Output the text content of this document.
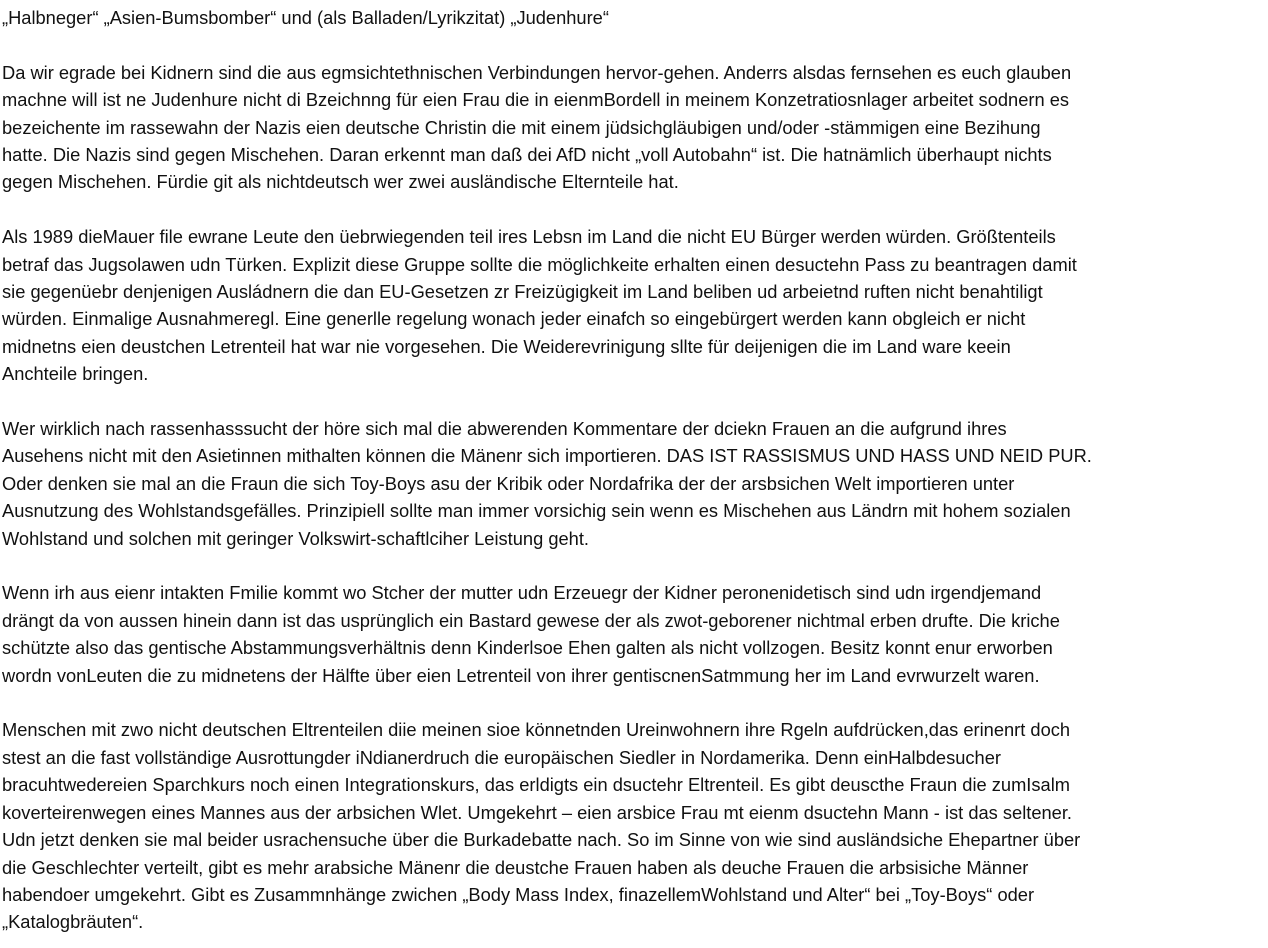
„Halbneger“ „Asien-Bumsbomber“ und (als Balladen/Lyrikzitat) „Judenhure“
Da wir egrade bei Kidnern sind die aus egmsichtethnischen Verbindungen hervor-gehen. Anderrs alsdas fernsehen es euch glauben
machne will ist ne Judenhure nicht di Bzeichnng für eien Frau die in eienmBordell in meinem Konzetratiosnlager arbeitet sodnern es
bezeichente im rassewahn der Nazis eien deutsche Christin die mit einem jüdsichgläubigen und/oder -stämmigen eine Bezihung
hatte. Die Nazis sind gegen Mischehen. Daran erkennt man daß dei AfD nicht „voll Autobahn“ ist. Die hatnämlich überhaupt nichts
gegen Mischehen. Fürdie git als nichtdeutsch wer zwei ausländische Elternteile hat.
Als 1989 dieMauer file ewrane Leute den üebrwiegenden teil ires Lebsn im Land die nicht EU Bürger werden würden. Größtenteils
betraf das Jugsolawen udn Türken. Explizit diese Gruppe sollte die möglichkeite erhalten einen desuctehn Pass zu beantragen damit
sie gegenüebr denjenigen Ausládnern die dan EU-Gesetzen zr Freizügigkeit im Land beliben ud arbeietnd ruften nicht benahtiligt
würden. Einmalige Ausnahmeregl. Eine generlle regelung wonach jeder einafch so eingebürgert werden kann obgleich er nicht
midnetns eien deustchen Letrenteil hat war nie vorgesehen. Die Weiderevrinigung sllte für deijenigen die im Land ware keein
Anchteile bringen.
Wer wirklich nach rassenhasssucht der höre sich mal die abwerenden Kommentare der dciekn Frauen an die aufgrund ihres
Ausehens nicht mit den Asietinnen mithalten können die Mänenr sich importieren. DAS IST RASSISMUS UND HASS UND NEID PUR.
Oder denken sie mal an die Fraun die sich Toy-Boys asu der Kribik oder Nordafrika der der arsbsichen Welt importieren unter
Ausnutzung des Wohlstandsgefälles. Prinzipiell sollte man immer vorsichig sein wenn es Mischehen aus Ländrn mit hohem sozialen
Wohlstand und solchen mit geringer Volkswirt-schaftlciher Leistung geht.
Wenn irh aus eienr intakten Fmilie kommt wo Stcher der mutter udn Erzeuegr der Kidner peronenidetisch sind udn irgendjemand
drängt da von aussen hinein dann ist das usprünglich ein Bastard gewese der als zwot-geborener nichtmal erben drufte. Die kriche
schützte also das gentische Abstammungsverhältnis denn Kinderlsoe Ehen galten als nicht vollzogen. Besitz konnt enur erworben
wordn vonLeuten die zu midnetens der Hälfte über eien Letrenteil von ihrer gentiscnenSatmmung her im Land evrwurzelt waren.
Menschen mit zwo nicht deutschen Eltrenteilen diie meinen sioe könnetnden Ureinwohnern ihre Rgeln aufdrücken,das erinenrt doch
stest an die fast vollständige Ausrottungder iNdianerdruch die europäischen Siedler in Nordamerika. Denn einHalbdesucher
bracuhtwedereien Sparchkurs noch einen Integrationskurs, das erldigts ein dsuctehr Eltrenteil. Es gibt deuscthe Fraun die zumIsalm
koverteirenwegen eines Mannes aus der arbsichen Wlet. Umgekehrt – eien arsbice Frau mt eienm dsuctehn Mann - ist das seltener.
Udn jetzt denken sie mal beider usrachensuche über die Burkadebatte nach. So im Sinne von wie sind ausländsiche Ehepartner über
die Geschlechter verteilt, gibt es mehr arabsiche Mänenr die deustche Frauen haben als deuche Frauen die arbsisiche Männer
habendoer umgekehrt. Gibt es Zusammnhänge zwichen „Body Mass Index, finazellemWohlstand und Alter“ bei „Toy-Boys“ oder
„Katalogbräuten“.
